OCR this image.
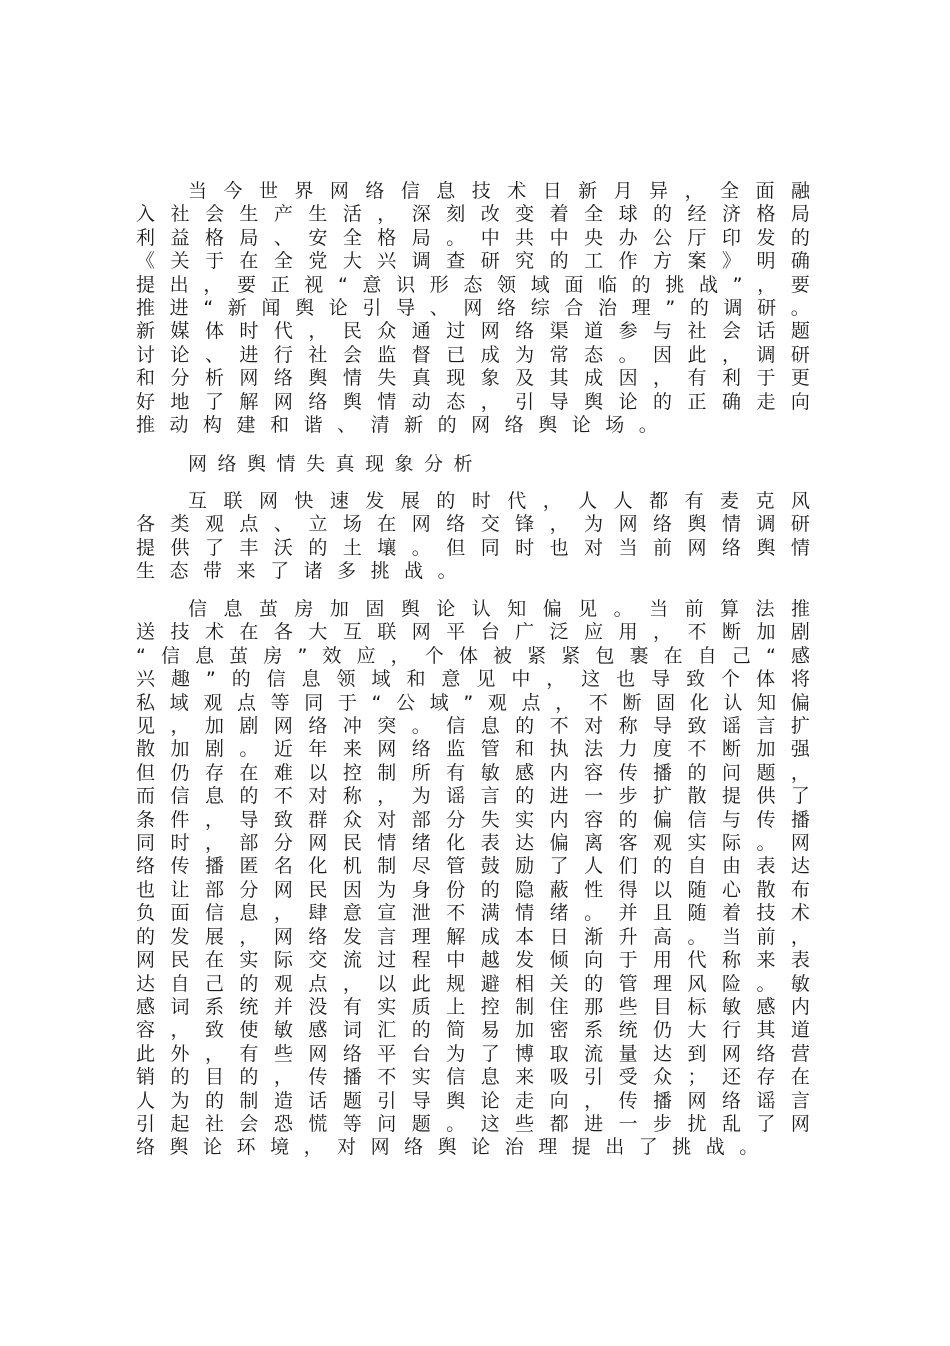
当 今 世 界 网 络 信 息 技 术 日 新 月 异 ， 全 面 融
入 社 会 生 产 生 活 ， 深 刻 改 变 着 全 球 的 经 济 格 局
利 益 格 局 、 安 全 格 局 。 中 共 中 央 办 公 厅 印 发 的
《 关 于 在 全 党 大 兴 调 查 研 究 的 工 作 方 案 》 明 确
提 出 ， 要 正 视 “ 意 识 形 态 领 域 面 临 的 挑 战 ” ， 要
推 进 “ 新 闻 舆 论 引 导 、 网 络 综 合 治 理 ” 的 调 研 。
新 媒 体 时 代 ， 民 众 通 过 网 络 渠 道 参 与 社 会 话 题
讨 论 、 进 行 社 会 监 督 已 成 为 常 态 。 因 此 ， 调 研
和 分 析 网 络 舆 情 失 真 现 象 及 其 成 因 ， 有 利 于 更
好 地 了 解 网 络 舆 情 动 态 ， 引 导 舆 论 的 正 确 走 向
推 动 构 建 和 谐 、 清 新 的 网 络 舆 论 场 。

网络舆情失真现象分析

互 联 网 快 速 发 展 的 时 代 ， 人 人 都 有 麦 克 风
各 类 观 点 、 立 场 在 网 络 交 锋 ， 为 网 络 舆 情 调 研
提 供 了 丰 沃 的 土 壤 。 但 同 时 也 对 当 前 网 络 舆 情
生 态 带 来 了 诸 多 挑 战 。
信 息 茧 房 加 固 舆 论 认 知 偏 见 。 当 前 算 法 推
送 技 术 在 各 大 互 联 网 平 台 广 泛 应 用 ， 不 断 加 剧
“ 信 息 茧 房 ” 效 应 ， 个 体 被 紧 紧 包 裹 在 自 己 “ 感
兴 趣 ” 的 信 息 领 域 和 意 见 中 ， 这 也 导 致 个 体 将
私 域 观 点 等 同 于 “ 公 域 ” 观 点 ， 不 断 固 化 认 知 偏
见 ， 加 剧 网 络 冲 突 。 信 息 的 不 对 称 导 致 谣 言 扩
散 加 剧 。 近 年 来 网 络 监 管 和 执 法 力 度 不 断 加 强
但 仍 存 在 难 以 控 制 所 有 敏 感 内 容 传 播 的 问 题 ，
而 信 息 的 不 对 称 ， 为 谣 言 的 进 一 步 扩 散 提 供 了
条 件 ， 导 致 群 众 对 部 分 失 实 内 容 的 偏 信 与 传 播
同 时 ， 部 分 网 民 情 绪 化 表 达 偏 离 客 观 实 际 。 网
络 传 播 匿 名 化 机 制 尽 管 鼓 励 了 人 们 的 自 由 表 达
也 让 部 分 网 民 因 为 身 份 的 隐 蔽 性 得 以 随 心 散 布
负 面 信 息 ， 肆 意 宣 泄 不 满 情 绪 。 并 且 随 着 技 术
的 发 展 ， 网 络 发 言 理 解 成 本 日 渐 升 高 。 当 前 ，
网 民 在 实 际 交 流 过 程 中 越 发 倾 向 于 用 代 称 来 表
达 自 己 的 观 点 ， 以 此 规 避 相 关 的 管 理 风 险 。 敏
感 词 系 统 并 没 有 实 质 上 控 制 住 那 些 目 标 敏 感 内
容 ， 致 使 敏 感 词 汇 的 简 易 加 密 系 统 仍 大 行 其 道
此 外 ， 有 些 网 络 平 台 为 了 博 取 流 量 达 到 网 络 营
销 的 目 的 ， 传 播 不 实 信 息 来 吸 引 受 众 ； 还 存 在
人 为 的 制 造 话 题 引 导 舆 论 走 向 ， 传 播 网 络 谣 言
引 起 社 会 恐 慌 等 问 题 。 这 些 都 进 一 步 扰 乱 了 网
络 舆 论 环 境 ， 对 网 络 舆 论 治 理 提 出 了 挑 战 。
